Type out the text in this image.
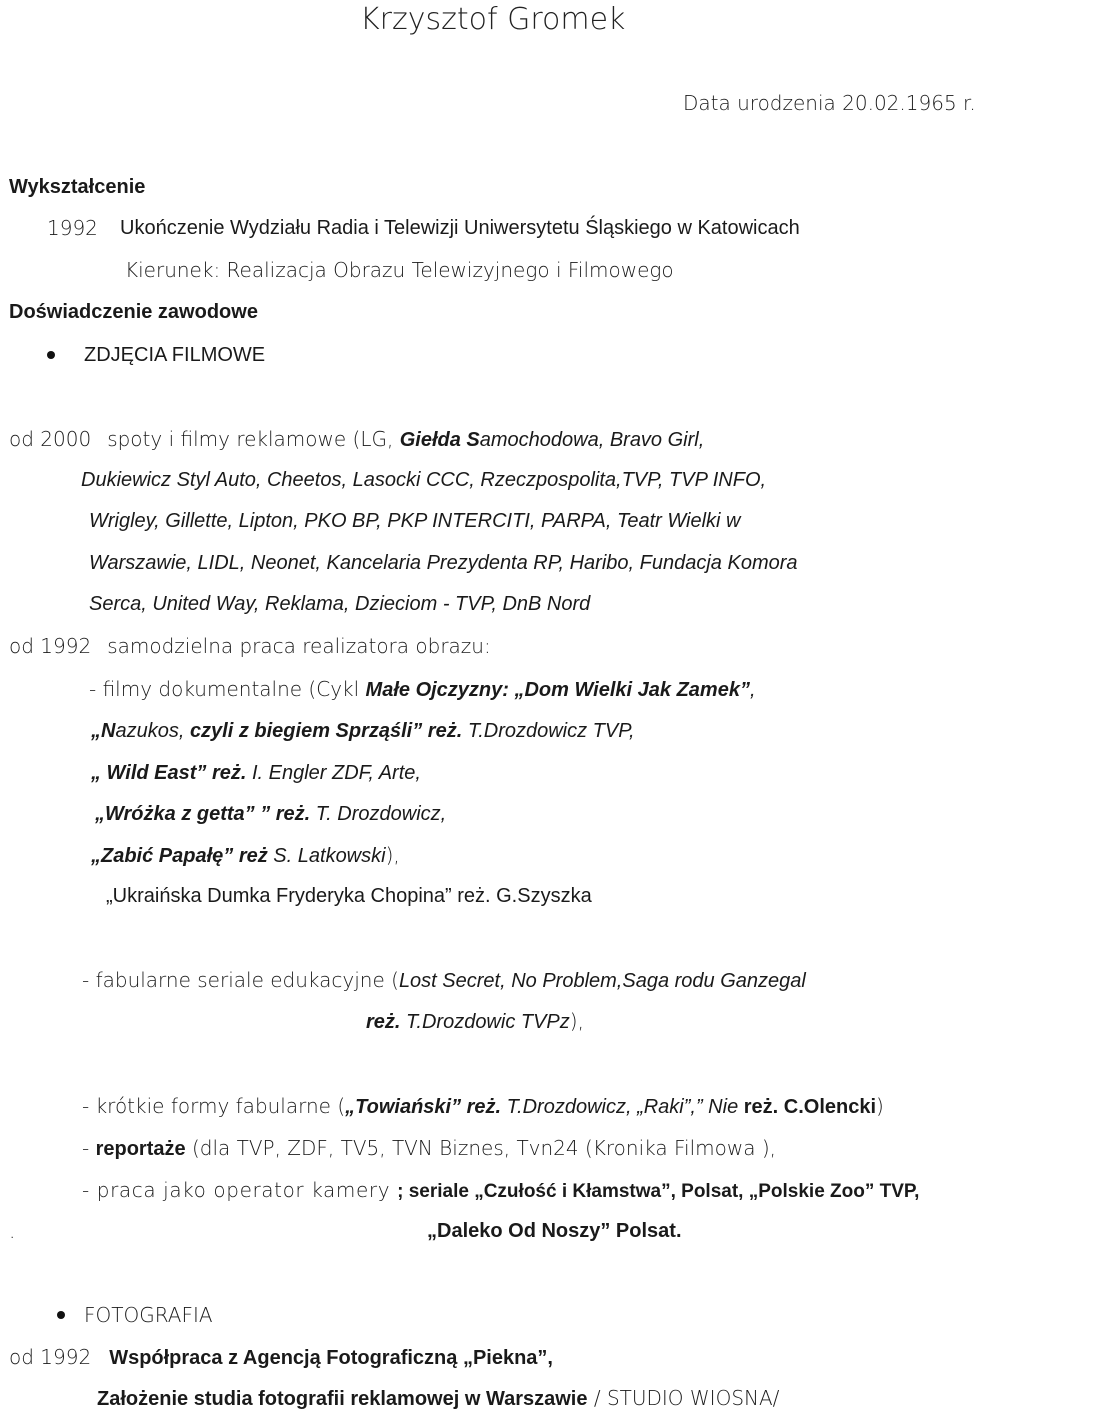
Krzysztof Gromek
Data urodzenia 20.02.1965 r.
Wykształcenie
1992 Ukończenie Wydziału Radia i Telewizji Uniwersytetu Śląskiego w Katowicach
Kierunek: Realizacja Obrazu Telewizyjnego i Filmowego
Doświadczenie zawodowe
ZDJĘCIA FILMOWE
od 2000 spoty i filmy reklamowe (LG, Giełda Samochodowa, Bravo Girl,
Dukiewicz Styl Auto, Cheetos, Lasocki CCC, Rzeczpospolita,TVP, TVP INFO,
Wrigley, Gillette, Lipton, PKO BP, PKP INTERCITI, PARPA, Teatr Wielki w
Warszawie, LIDL, Neonet, Kancelaria Prezydenta RP, Haribo, Fundacja Komora
Serca, United Way, Reklama, Dzieciom - TVP, DnB Nord
od 1992 samodzielna praca realizatora obrazu:
- filmy dokumentalne (Cykl Małe Ojczyzny: „Dom Wielki Jak Zamek”,
„Nazukos, czyli z biegiem Sprząśli” reż. T.Drozdowicz TVP,
„ Wild East” reż. I. Engler ZDF, Arte,
„Wróżka z getta” ” reż. T. Drozdowicz,
„Zabić Papałę” reż S. Latkowski),
„Ukraińska Dumka Fryderyka Chopina” reż. G.Szyszka
- fabularne seriale edukacyjne (Lost Secret, No Problem,Saga rodu Ganzegal
reż. T.Drozdowic TVPz),
- krótkie formy fabularne („Towiański” reż. T.Drozdowicz, „Raki”,” Nie reż. C.Olencki)
- reportaże (dla TVP, ZDF, TV5, TVN Biznes, Tvn24 (Kronika Filmowa ),
- praca jako operator kamery ; seriale „Czułość i Kłamstwa”, Polsat, „Polskie Zoo” TVP,
.	„Daleko Od Noszy” Polsat.
FOTOGRAFIA
od 1992 Współpraca z Agencją Fotograficzną „Piekna”,
Założenie studia fotografii reklamowej w Warszawie / STUDIO WIOSNA/
